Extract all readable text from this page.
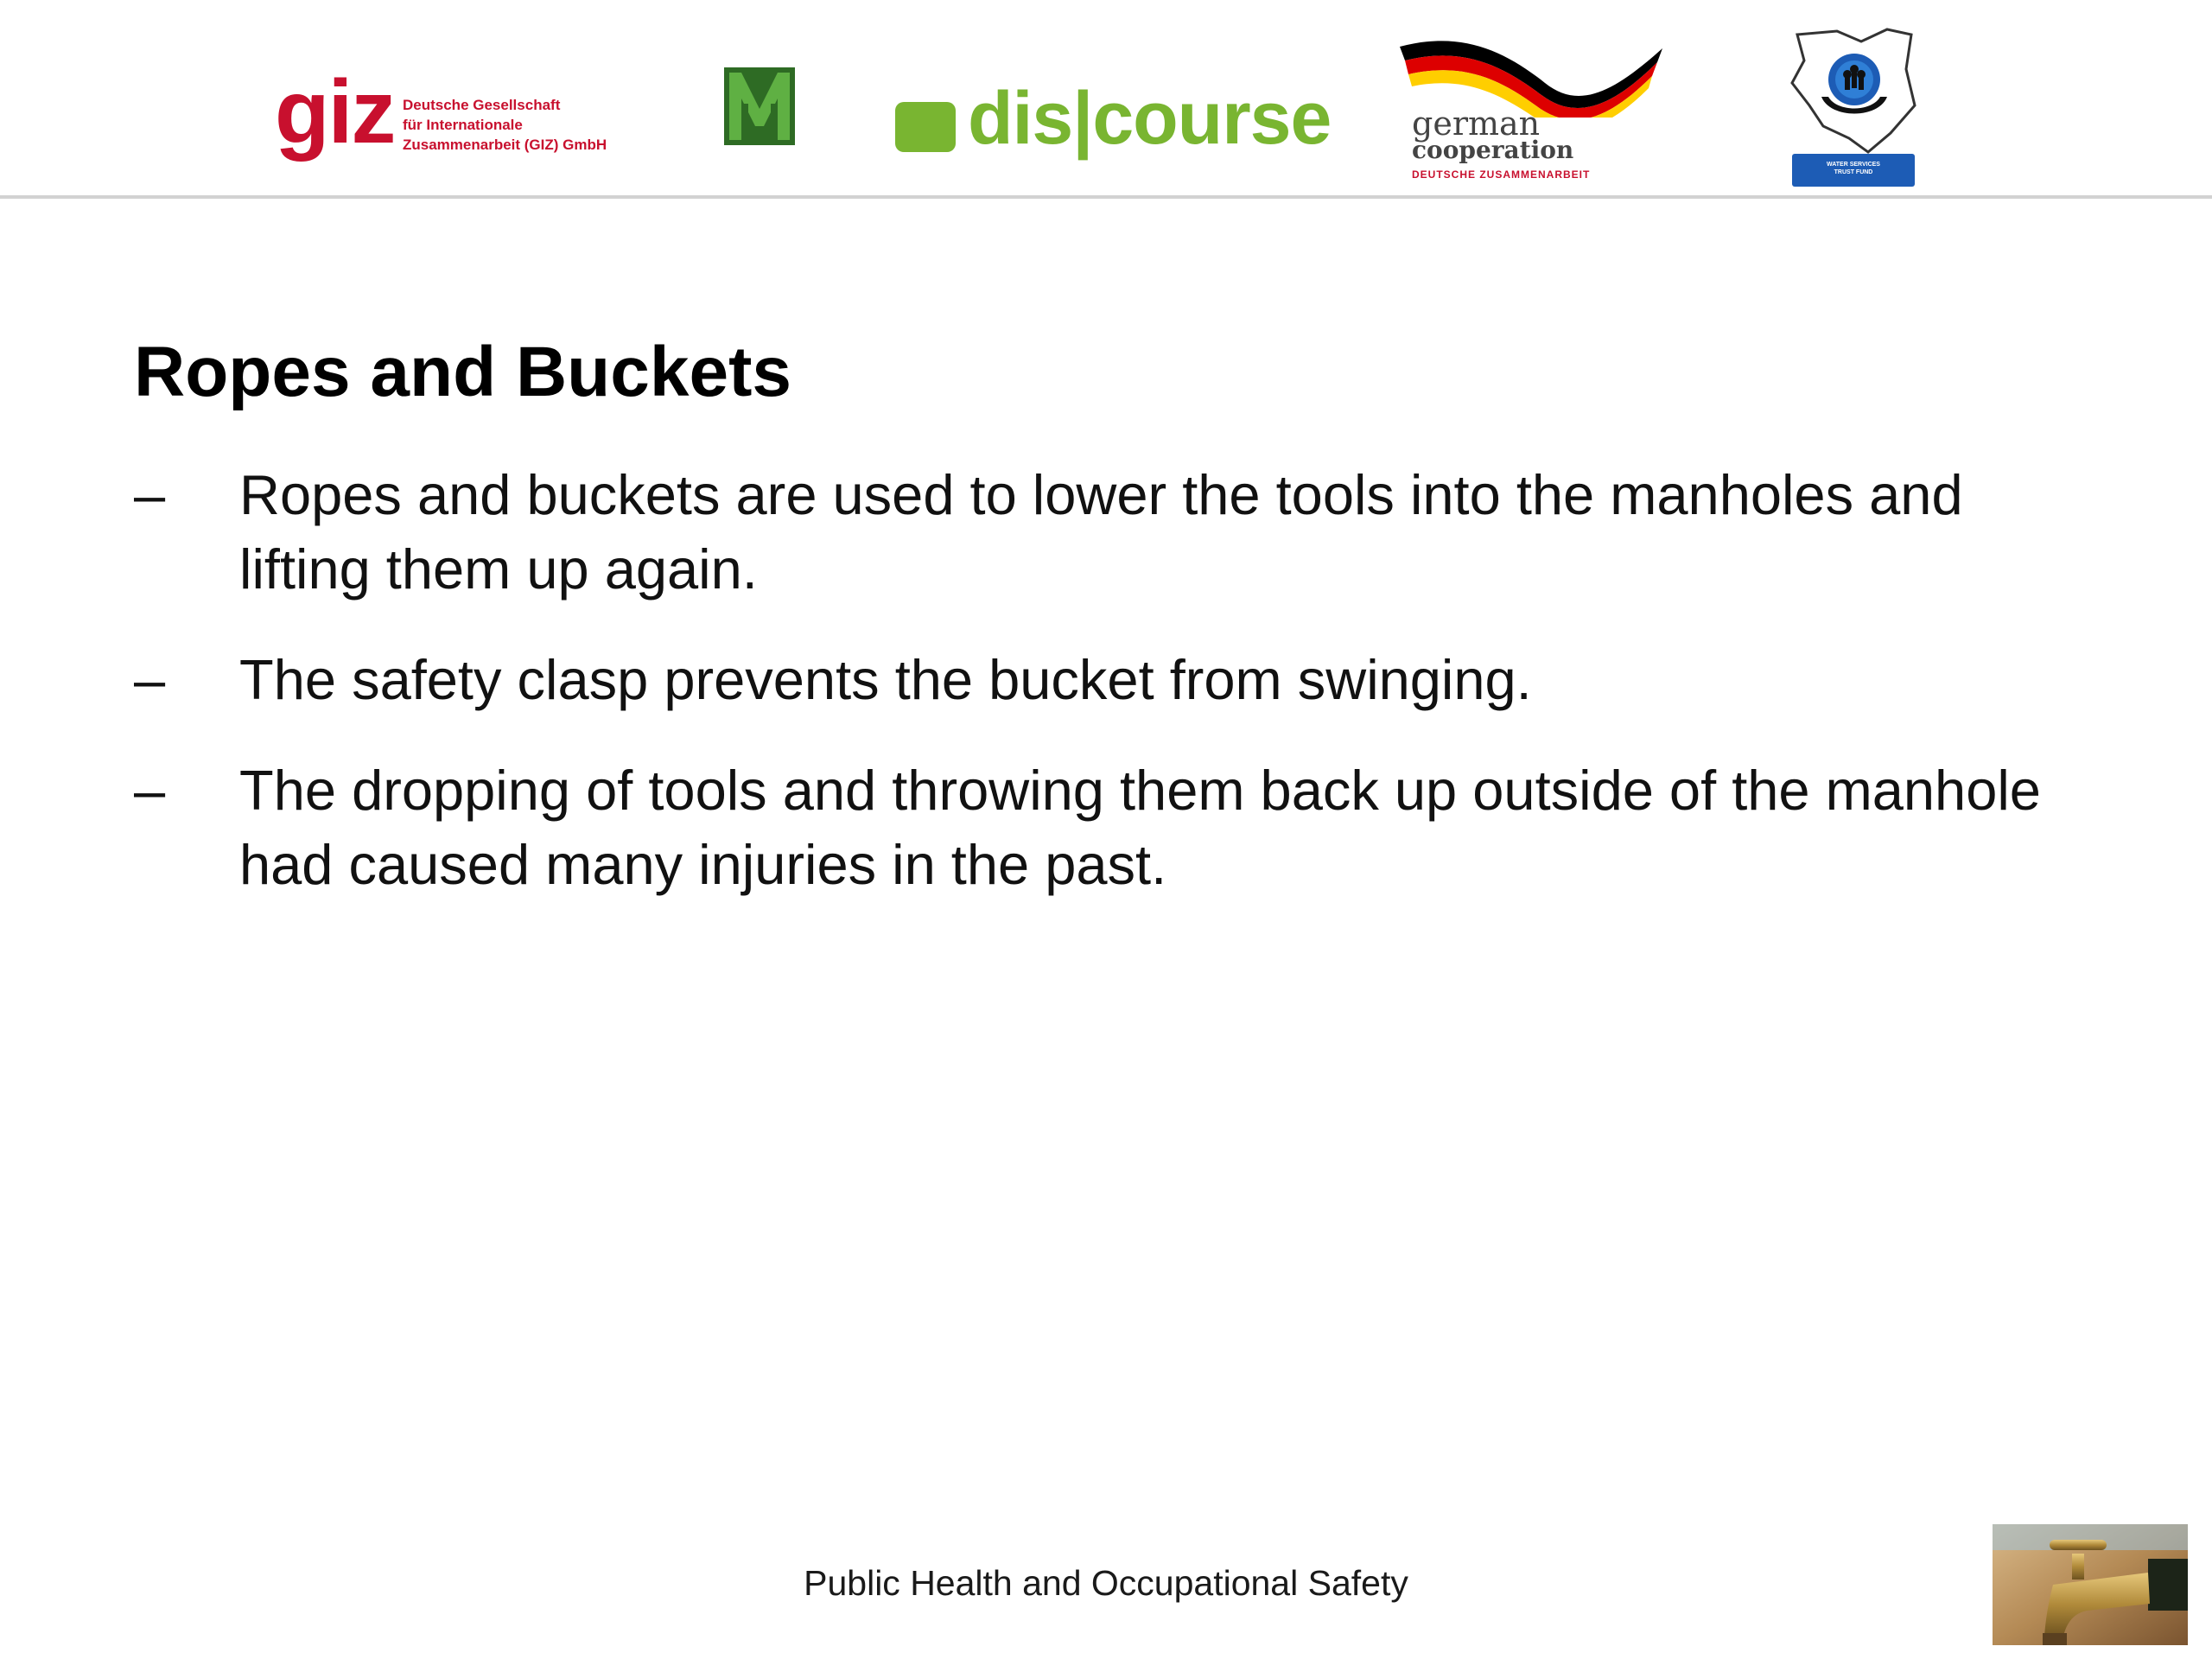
giz Deutsche Gesellschaft
für Internationale
Zusammenarbeit (GIZ) GmbH	dis|course german
cooperation
DEUTSCHE ZUSAMMENARBEIT
WATER SERVICES
TRUST FUND
Ropes and Buckets
– Ropes and buckets are used to lower the tools into the manholes and lifting them up again.
– The safety clasp prevents the bucket from swinging.
– The dropping of tools and throwing them back up outside of the manhole had caused many injuries in the past.
Public Health and Occupational Safety
